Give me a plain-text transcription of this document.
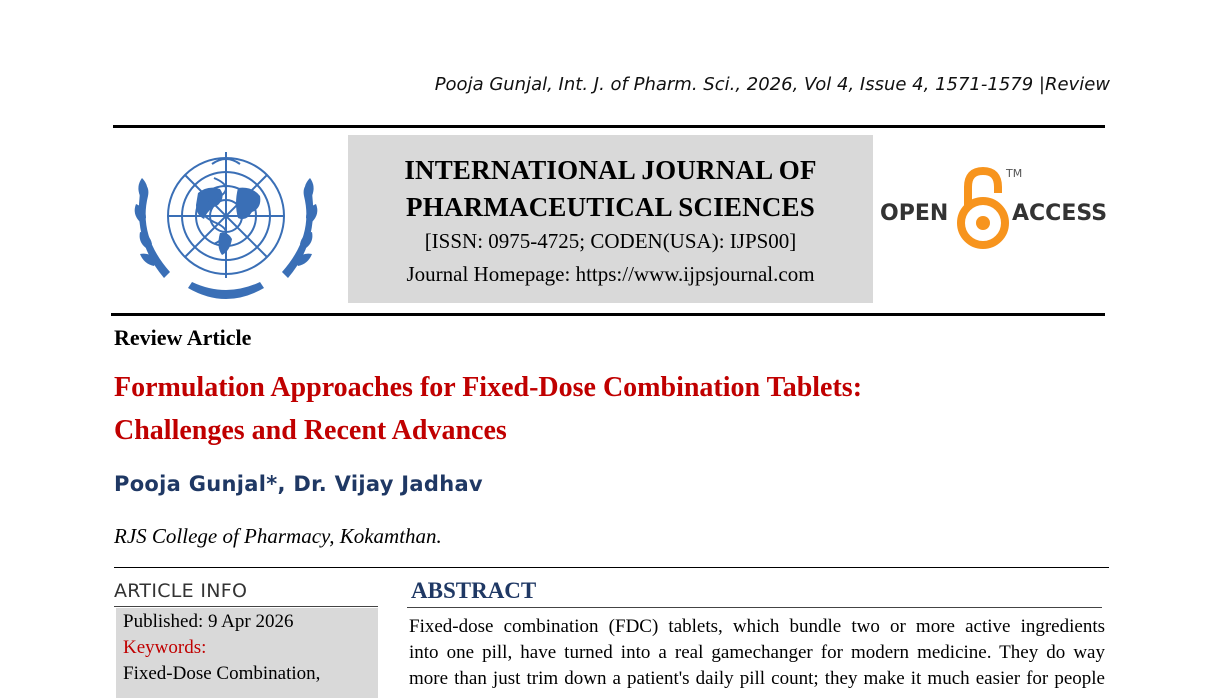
Pooja Gunjal, Int. J. of Pharm. Sci., 2026, Vol 4, Issue 4, 1571-1579 |Review
INTERNATIONAL JOURNAL OF
PHARMACEUTICAL SCIENCES
[ISSN: 0975-4725; CODEN(USA): IJPS00]
Journal Homepage: https://www.ijpsjournal.com
OPEN
TM
ACCESS
Review Article
Formulation Approaches for Fixed-Dose Combination Tablets:
Challenges and Recent Advances
Pooja Gunjal*, Dr. Vijay Jadhav
RJS College of Pharmacy, Kokamthan.
ARTICLE INFO
Published: 9 Apr 2026
Keywords:
Fixed-Dose Combination,
ABSTRACT
Fixed-dose combination (FDC) tablets, which bundle two or more active ingredients
into one pill, have turned into a real gamechanger for modern medicine. They do way
more than just trim down a patient's daily pill count; they make it much easier for people
